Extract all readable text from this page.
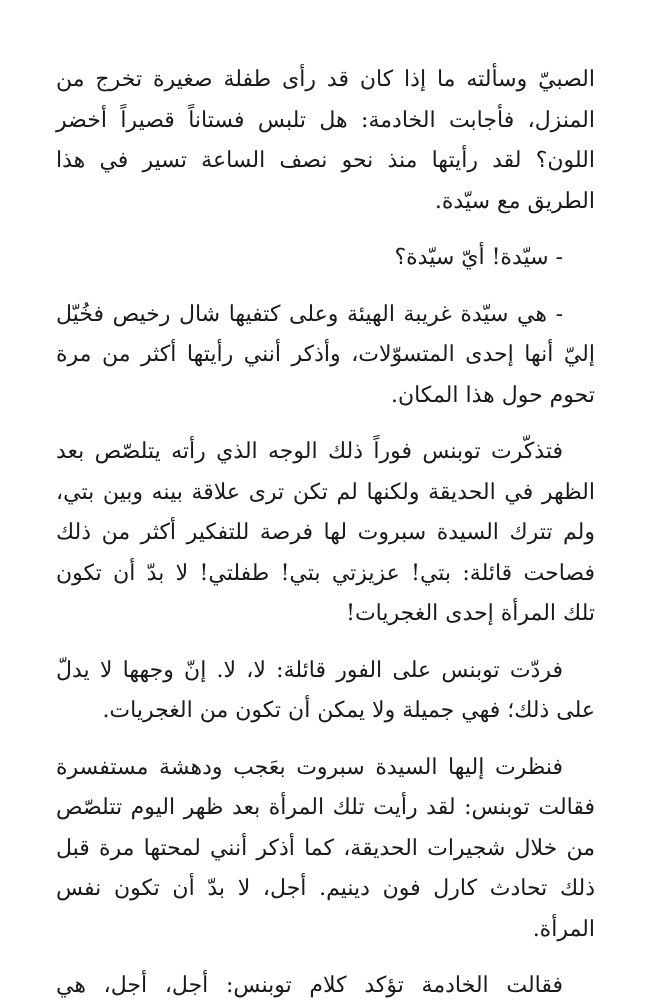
الصبيّ وسألته ما إذا كان قد رأى طفلة صغيرة تخرج من المنزل، فأجابت الخادمة: هل تلبس فستاناً قصيراً أخضر اللون؟ لقد رأيتها منذ نحو نصف الساعة تسير في هذا الطريق مع سيّدة.

- سيّدة! أيّ سيّدة؟

- هي سيّدة غريبة الهيئة وعلى كتفيها شال رخيص فخُيّل إليّ أنها إحدى المتسوّلات، وأذكر أنني رأيتها أكثر من مرة تحوم حول هذا المكان.

فتذكّرت توبنس فوراً ذلك الوجه الذي رأته يتلصّص بعد الظهر في الحديقة ولكنها لم تكن ترى علاقة بينه وبين بتي، ولم تترك السيدة سبروت لها فرصة للتفكير أكثر من ذلك فصاحت قائلة: بتي! عزيزتي بتي! طفلتي! لا بدّ أن تكون تلك المرأة إحدى الغجريات!

فردّت توبنس على الفور قائلة: لا، لا. إنّ وجهها لا يدلّ على ذلك؛ فهي جميلة ولا يمكن أن تكون من الغجريات.

فنظرت إليها السيدة سبروت بعَجب ودهشة مستفسرة فقالت توبنس: لقد رأيت تلك المرأة بعد ظهر اليوم تتلصّص من خلال شجيرات الحديقة، كما أذكر أنني لمحتها مرة قبل ذلك تحادث كارل فون دينيم. أجل، لا بدّ أن تكون نفس المرأة.

فقالت الخادمة تؤكد كلام توبنس: أجل، أجل، هي
